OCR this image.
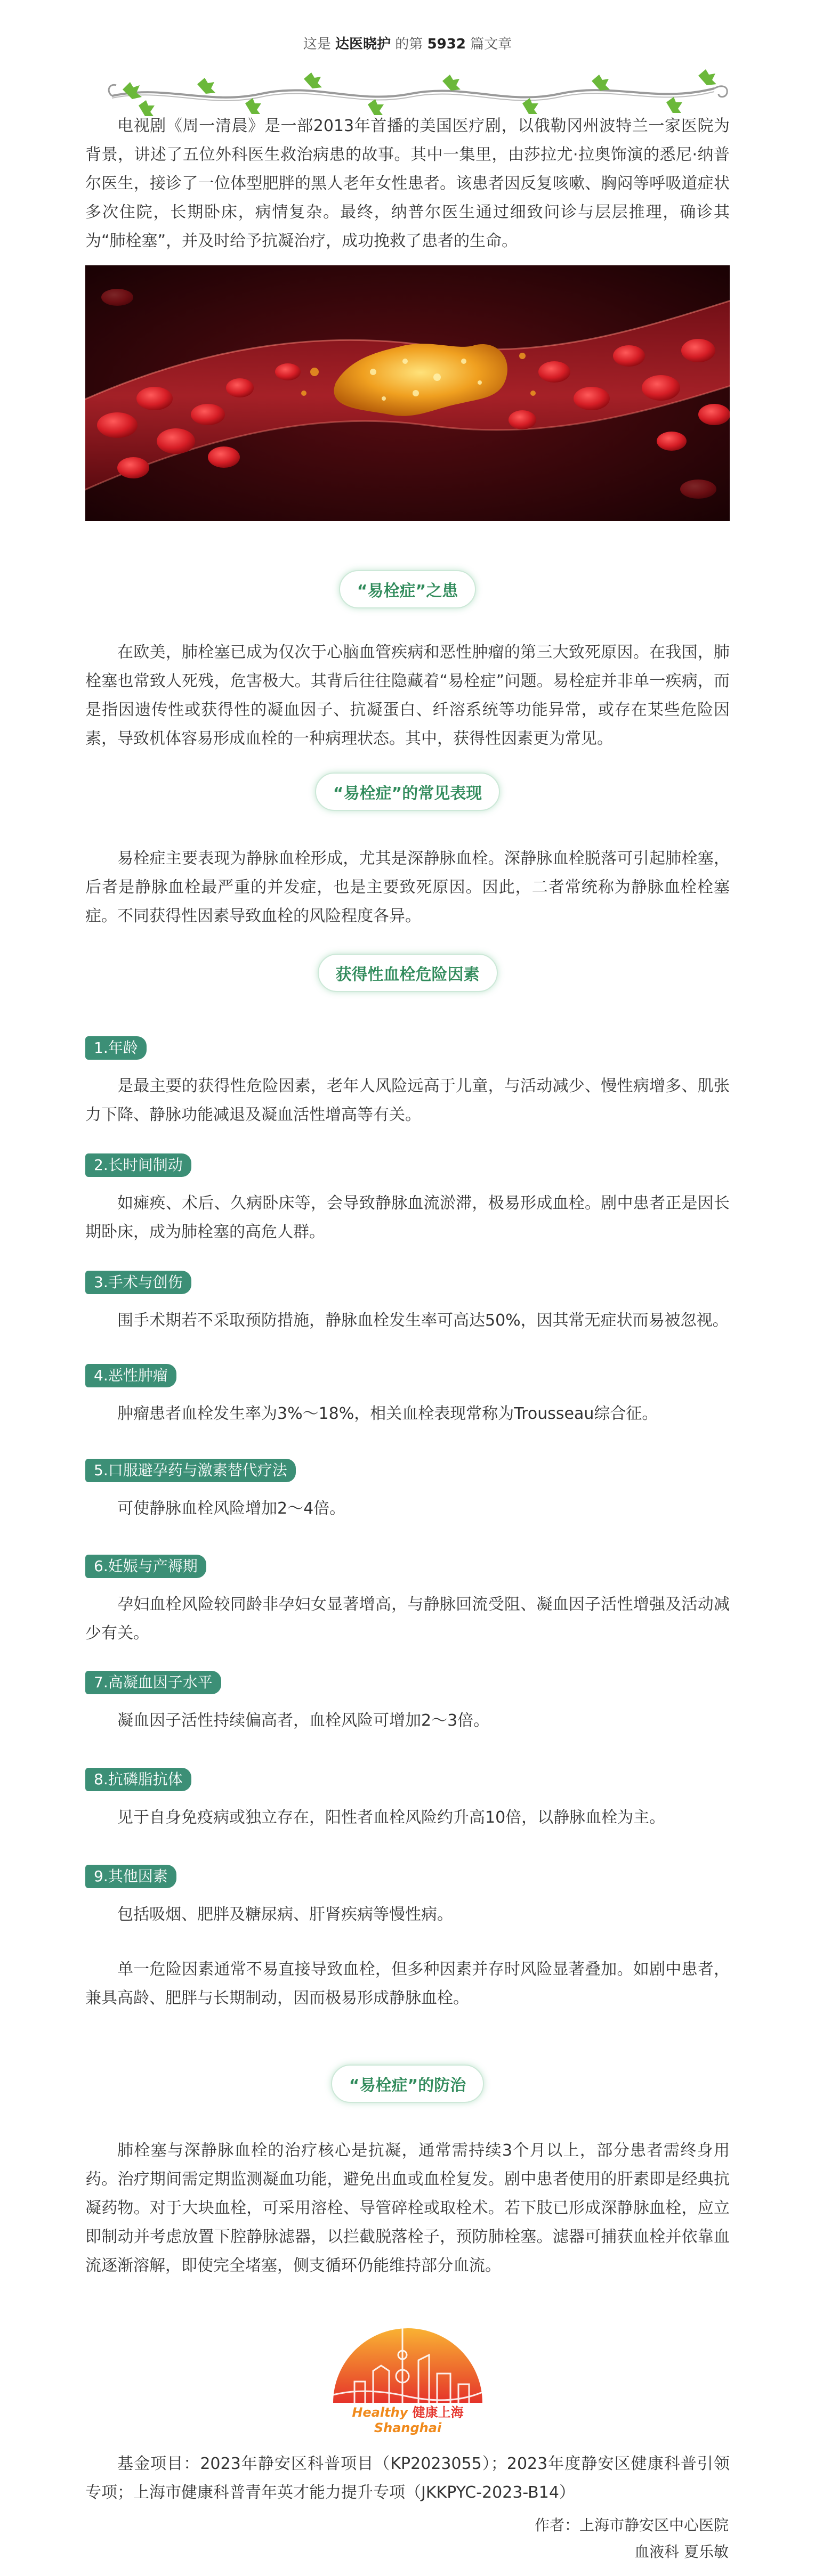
这是 达医晓护 的第 5932 篇文章

电视剧《周一清晨》是一部2013年首播的美国医疗剧，以俄勒冈州波特兰一家医院为背景，讲述了五位外科医生救治病患的故事。其中一集里，由莎拉尤·拉奥饰演的悉尼·纳普尔医生，接诊了一位体型肥胖的黑人老年女性患者。该患者因反复咳嗽、胸闷等呼吸道症状多次住院，长期卧床，病情复杂。最终，纳普尔医生通过细致问诊与层层推理，确诊其为“肺栓塞”，并及时给予抗凝治疗，成功挽救了患者的生命。

“易栓症”之患

在欧美，肺栓塞已成为仅次于心脑血管疾病和恶性肿瘤的第三大致死原因。在我国，肺栓塞也常致人死残，危害极大。其背后往往隐藏着“易栓症”问题。易栓症并非单一疾病，而是指因遗传性或获得性的凝血因子、抗凝蛋白、纤溶系统等功能异常，或存在某些危险因素，导致机体容易形成血栓的一种病理状态。其中，获得性因素更为常见。

“易栓症”的常见表现

易栓症主要表现为静脉血栓形成，尤其是深静脉血栓。深静脉血栓脱落可引起肺栓塞，后者是静脉血栓最严重的并发症，也是主要致死原因。因此，二者常统称为静脉血栓栓塞症。不同获得性因素导致血栓的风险程度各异。

获得性血栓危险因素
1.年龄

是最主要的获得性危险因素，老年人风险远高于儿童，与活动减少、慢性病增多、肌张力下降、静脉功能减退及凝血活性增高等有关。

2.长时间制动

如瘫痪、术后、久病卧床等，会导致静脉血流淤滞，极易形成血栓。剧中患者正是因长期卧床，成为肺栓塞的高危人群。

3.手术与创伤

围手术期若不采取预防措施，静脉血栓发生率可高达50%，因其常无症状而易被忽视。

4.恶性肿瘤

肿瘤患者血栓发生率为3%～18%，相关血栓表现常称为Trousseau综合征。

5.口服避孕药与激素替代疗法

可使静脉血栓风险增加2～4倍。

6.妊娠与产褥期

孕妇血栓风险较同龄非孕妇女显著增高，与静脉回流受阻、凝血因子活性增强及活动减少有关。

7.高凝血因子水平

凝血因子活性持续偏高者，血栓风险可增加2～3倍。

8.抗磷脂抗体

见于自身免疫病或独立存在，阳性者血栓风险约升高10倍，以静脉血栓为主。

9.其他因素

包括吸烟、肥胖及糖尿病、肝肾疾病等慢性病。

单一危险因素通常不易直接导致血栓，但多种因素并存时风险显著叠加。如剧中患者，兼具高龄、肥胖与长期制动，因而极易形成静脉血栓。

“易栓症”的防治

肺栓塞与深静脉血栓的治疗核心是抗凝，通常需持续3个月以上，部分患者需终身用药。治疗期间需定期监测凝血功能，避免出血或血栓复发。剧中患者使用的肝素即是经典抗凝药物。对于大块血栓，可采用溶栓、导管碎栓或取栓术。若下肢已形成深静脉血栓，应立即制动并考虑放置下腔静脉滤器，以拦截脱落栓子，预防肺栓塞。滤器可捕获血栓并依靠血流逐渐溶解，即使完全堵塞，侧支循环仍能维持部分血流。

Healthy 健康上海 Shanghai

基金项目：2023年静安区科普项目（KP2023055）；2023年度静安区健康科普引领专项；上海市健康科普青年英才能力提升专项（JKKPYC-2023-B14）

作者：上海市静安区中心医院
血液科 夏乐敏
